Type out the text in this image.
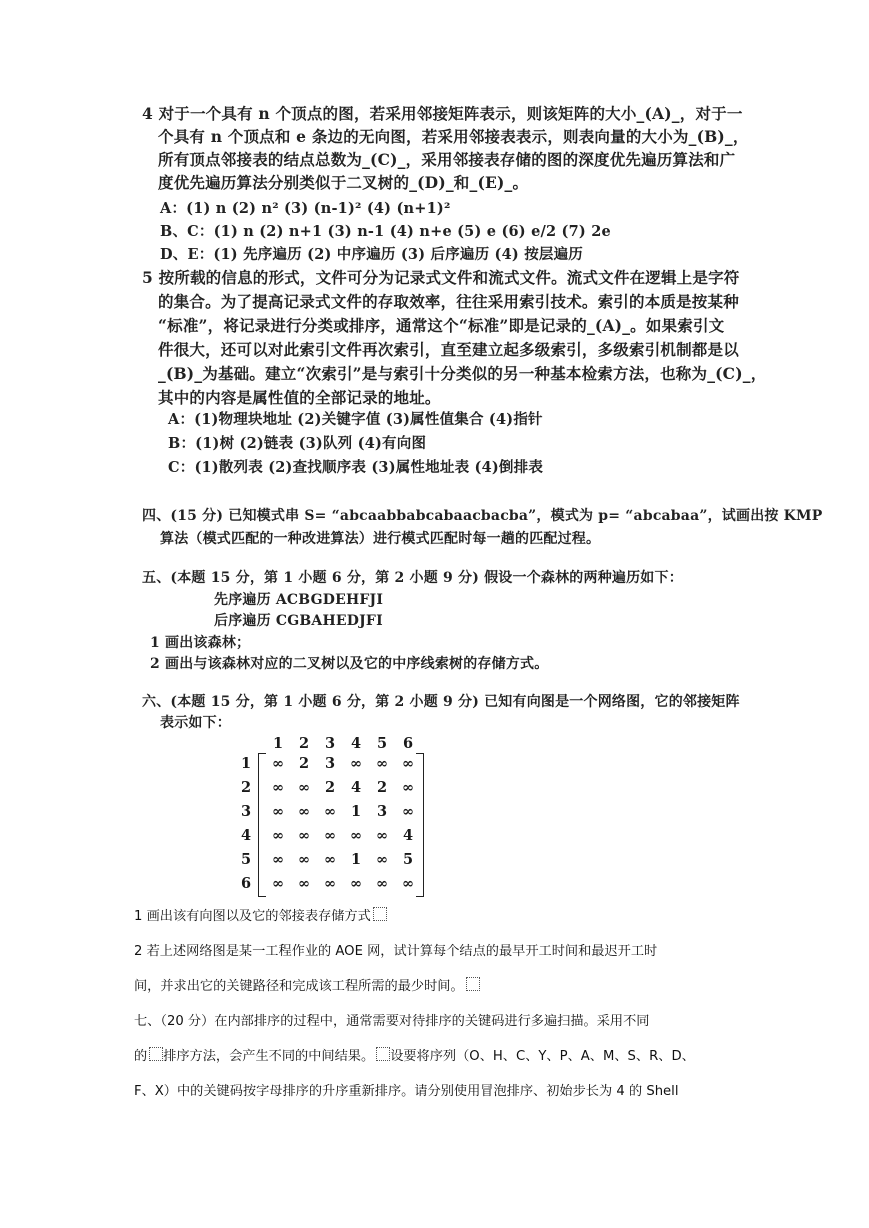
4 对于一个具有 n 个顶点的图，若采用邻接矩阵表示，则该矩阵的大小_(A)_，对于一
个具有 n 个顶点和 e 条边的无向图，若采用邻接表表示，则表向量的大小为_(B)_，
所有顶点邻接表的结点总数为_(C)_，采用邻接表存储的图的深度优先遍历算法和广
度优先遍历算法分别类似于二叉树的_(D)_和_(E)_。
A：(1) n (2) n² (3) (n-1)² (4) (n+1)²
B、C：(1) n (2) n+1 (3) n-1 (4) n+e (5) e (6) e/2 (7) 2e
D、E：(1) 先序遍历 (2) 中序遍历 (3) 后序遍历 (4) 按层遍历
5 按所载的信息的形式，文件可分为记录式文件和流式文件。流式文件在逻辑上是字符
的集合。为了提高记录式文件的存取效率，往往采用索引技术。索引的本质是按某种
“标准”，将记录进行分类或排序，通常这个“标准”即是记录的_(A)_。如果索引文
件很大，还可以对此索引文件再次索引，直至建立起多级索引，多级索引机制都是以
_(B)_为基础。建立“次索引”是与索引十分类似的另一种基本检索方法，也称为_(C)_，
其中的内容是属性值的全部记录的地址。
A：(1)物理块地址 (2)关键字值 (3)属性值集合 (4)指针
B：(1)树 (2)链表 (3)队列 (4)有向图
C：(1)散列表 (2)查找顺序表 (3)属性地址表 (4)倒排表
四、(15 分) 已知模式串 S= “abcaabbabcabaacbacba”，模式为 p= “abcabaa”，试画出按 KMP
算法（模式匹配的一种改进算法）进行模式匹配时每一趟的匹配过程。
五、(本题 15 分，第 1 小题 6 分，第 2 小题 9 分) 假设一个森林的两种遍历如下：
先序遍历 ACBGDEHFJI
后序遍历 CGBAHEDJFI
1 画出该森林；
2 画出与该森林对应的二叉树以及它的中序线索树的存储方式。
六、(本题 15 分，第 1 小题 6 分，第 2 小题 9 分) 已知有向图是一个网络图，它的邻接矩阵
表示如下：
1	2	3	4	5	6
1	∞	2	3	∞ ∞ ∞
2	∞ ∞	2	4	2	∞
3	∞ ∞ ∞	1	3	∞
4	∞ ∞ ∞ ∞ ∞	4
5	∞ ∞ ∞	1	∞	5
6	∞ ∞ ∞ ∞ ∞ ∞
1 画出该有向图以及它的邻接表存储方式
2 若上述网络图是某一工程作业的 AOE 网，试计算每个结点的最早开工时间和最迟开工时
间，并求出它的关键路径和完成该工程所需的最少时间。
七、（20 分）在内部排序的过程中，通常需要对待排序的关键码进行多遍扫描。采用不同
的 排序方法，会产生不同的中间结果。 设要将序列（O、H、C、Y、P、A、M、S、R、D、
F、X）中的关键码按字母排序的升序重新排序。请分别使用冒泡排序、初始步长为 4 的 Shell
